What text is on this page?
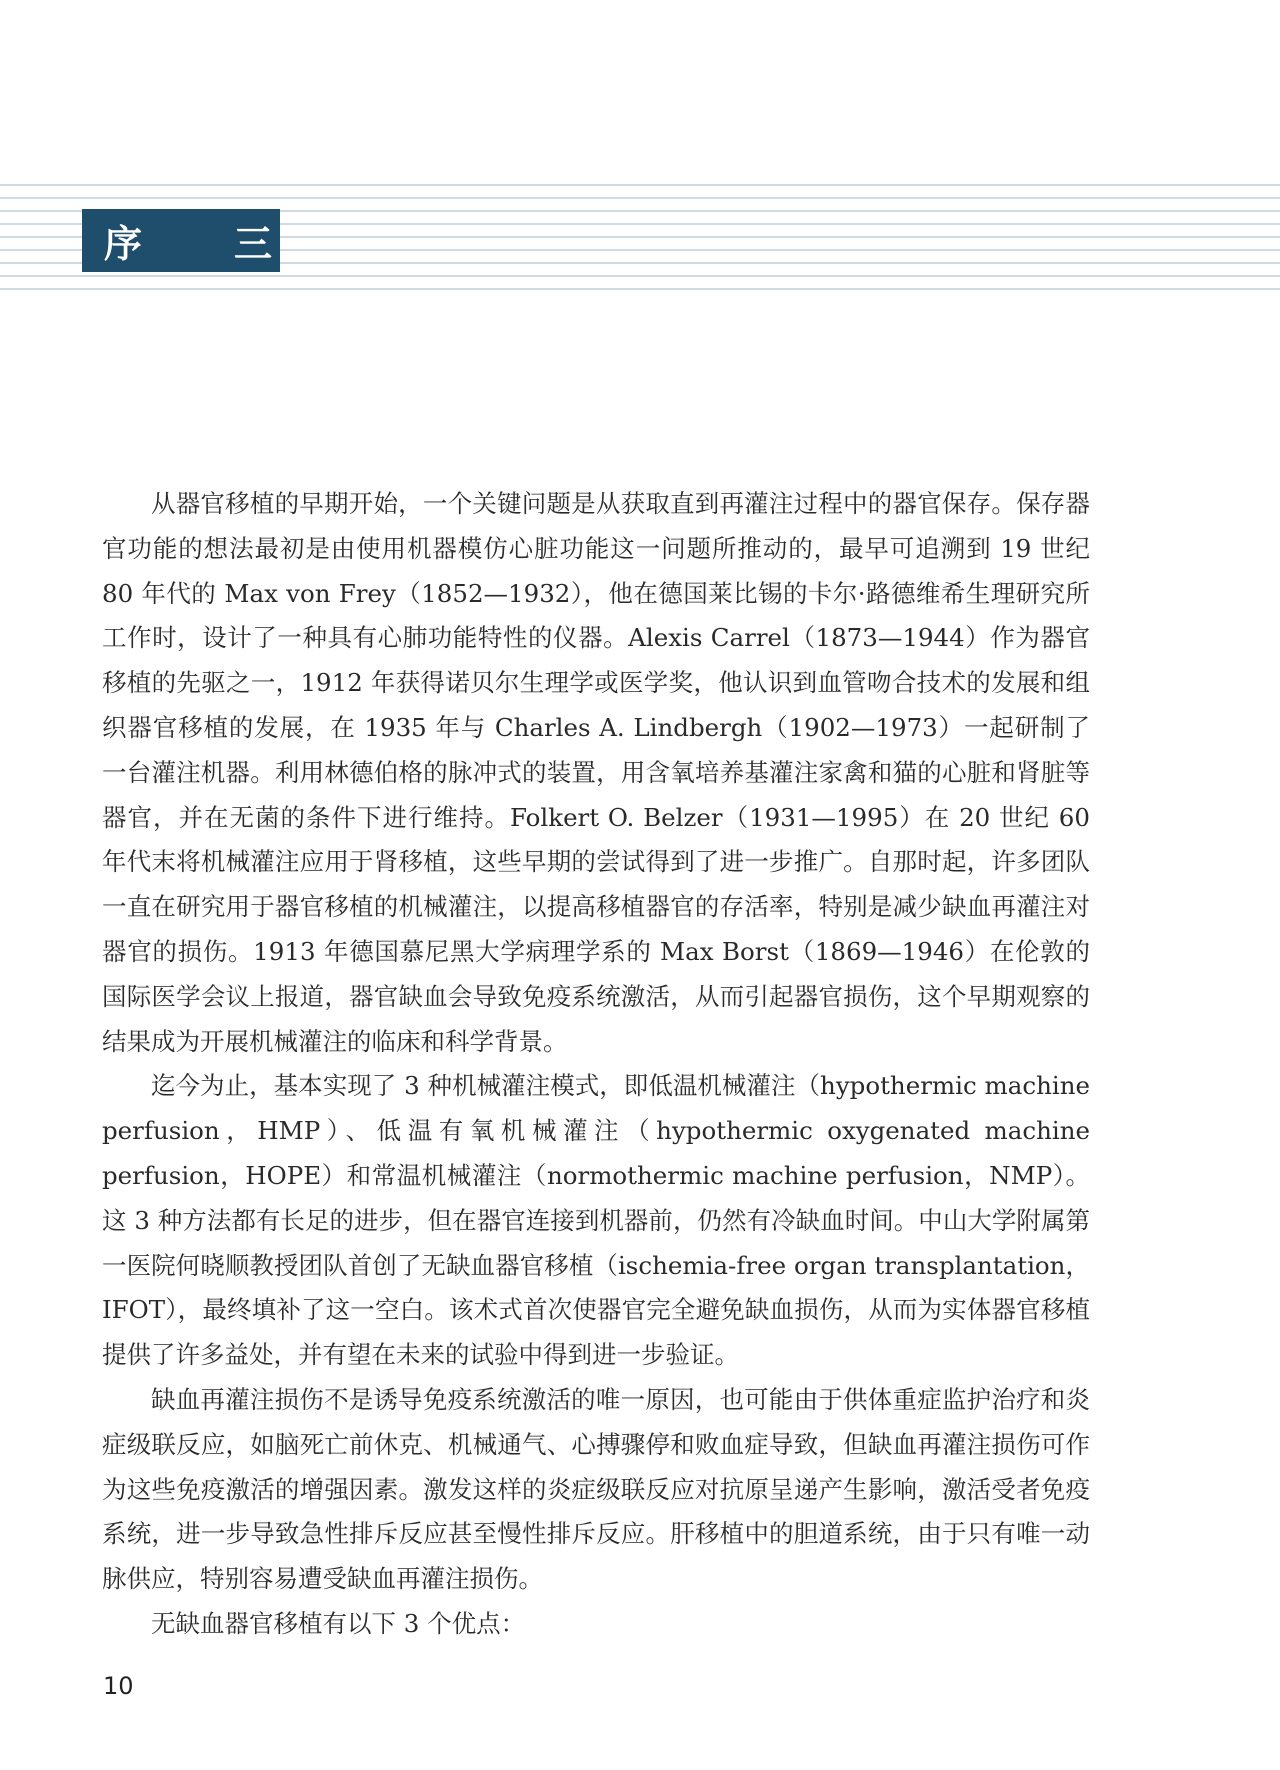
序	三

从器官移植的早期开始，一个关键问题是从获取直到再灌注过程中的器官保存。保存器官功能的想法最初是由使用机器模仿心脏功能这一问题所推动的，最早可追溯到 19 世纪 80 年代的 Max von Frey（1852—1932），他在德国莱比锡的卡尔·路德维希生理研究所工作时，设计了一种具有心肺功能特性的仪器。Alexis Carrel（1873—1944）作为器官移植的先驱之一，1912 年获得诺贝尔生理学或医学奖，他认识到血管吻合技术的发展和组织器官移植的发展，在 1935 年与 Charles A. Lindbergh（1902—1973）一起研制了一台灌注机器。利用林德伯格的脉冲式的装置，用含氧培养基灌注家禽和猫的心脏和肾脏等器官，并在无菌的条件下进行维持。Folkert O. Belzer（1931—1995）在 20 世纪 60 年代末将机械灌注应用于肾移植，这些早期的尝试得到了进一步推广。自那时起，许多团队一直在研究用于器官移植的机械灌注，以提高移植器官的存活率，特别是减少缺血再灌注对器官的损伤。1913 年德国慕尼黑大学病理学系的 Max Borst（1869—1946）在伦敦的国际医学会议上报道，器官缺血会导致免疫系统激活，从而引起器官损伤，这个早期观察的结果成为开展机械灌注的临床和科学背景。

迄今为止，基本实现了 3 种机械灌注模式，即低温机械灌注（hypothermic machine perfusion，HMP）、低温有氧机械灌注（hypothermic oxygenated machine perfusion，HOPE）和常温机械灌注（normothermic machine perfusion，NMP）。这 3 种方法都有长足的进步，但在器官连接到机器前，仍然有冷缺血时间。中山大学附属第一医院何晓顺教授团队首创了无缺血器官移植（ischemia-free organ transplantation，IFOT），最终填补了这一空白。该术式首次使器官完全避免缺血损伤，从而为实体器官移植提供了许多益处，并有望在未来的试验中得到进一步验证。

缺血再灌注损伤不是诱导免疫系统激活的唯一原因，也可能由于供体重症监护治疗和炎症级联反应，如脑死亡前休克、机械通气、心搏骤停和败血症导致，但缺血再灌注损伤可作为这些免疫激活的增强因素。激发这样的炎症级联反应对抗原呈递产生影响，激活受者免疫系统，进一步导致急性排斥反应甚至慢性排斥反应。肝移植中的胆道系统，由于只有唯一动脉供应，特别容易遭受缺血再灌注损伤。

无缺血器官移植有以下 3 个优点：

10
